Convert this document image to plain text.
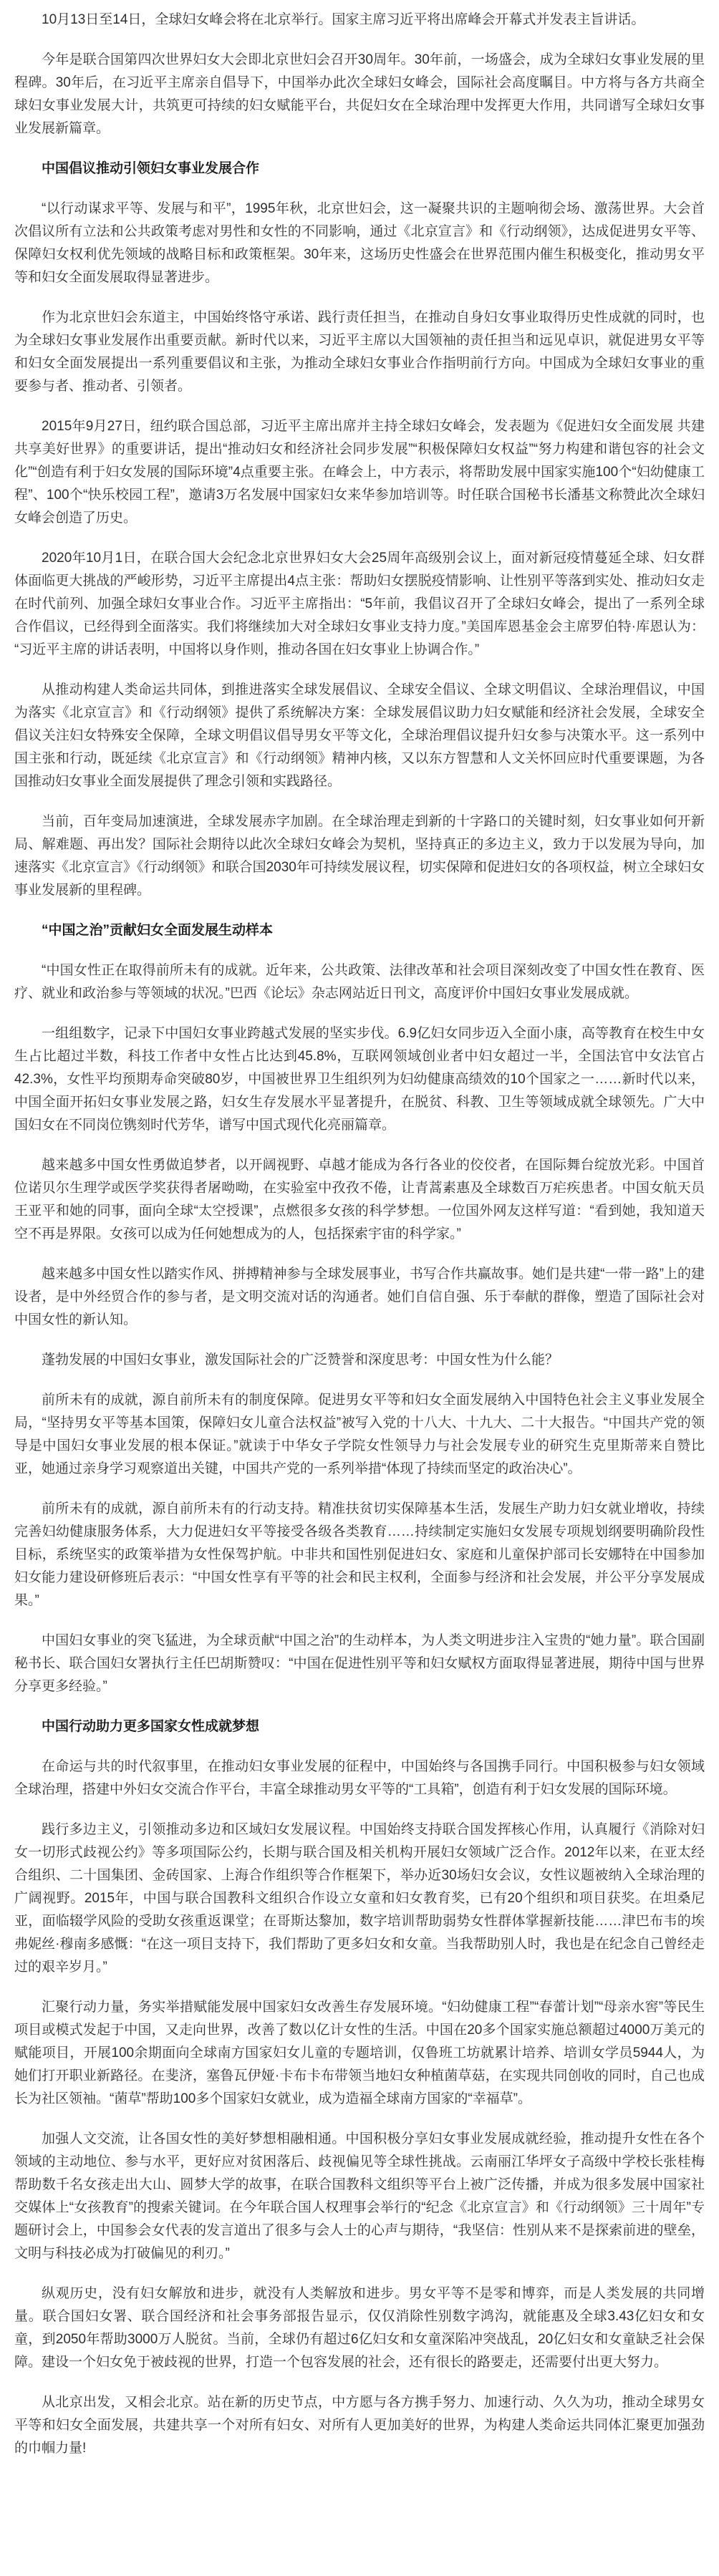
10月13日至14日，全球妇女峰会将在北京举行。国家主席习近平将出席峰会开幕式并发表主旨讲话。

今年是联合国第四次世界妇女大会即北京世妇会召开30周年。30年前，一场盛会，成为全球妇女事业发展的里程碑。30年后，在习近平主席亲自倡导下，中国举办此次全球妇女峰会，国际社会高度瞩目。中方将与各方共商全球妇女事业发展大计，共筑更可持续的妇女赋能平台，共促妇女在全球治理中发挥更大作用，共同谱写全球妇女事业发展新篇章。

中国倡议推动引领妇女事业发展合作

“以行动谋求平等、发展与和平”，1995年秋，北京世妇会，这一凝聚共识的主题响彻会场、激荡世界。大会首次倡议所有立法和公共政策考虑对男性和女性的不同影响，通过《北京宣言》和《行动纲领》，达成促进男女平等、保障妇女权利优先领域的战略目标和政策框架。30年来，这场历史性盛会在世界范围内催生积极变化，推动男女平等和妇女全面发展取得显著进步。

作为北京世妇会东道主，中国始终恪守承诺、践行责任担当，在推动自身妇女事业取得历史性成就的同时，也为全球妇女事业发展作出重要贡献。新时代以来，习近平主席以大国领袖的责任担当和远见卓识，就促进男女平等和妇女全面发展提出一系列重要倡议和主张，为推动全球妇女事业合作指明前行方向。中国成为全球妇女事业的重要参与者、推动者、引领者。

2015年9月27日，纽约联合国总部，习近平主席出席并主持全球妇女峰会，发表题为《促进妇女全面发展 共建共享美好世界》的重要讲话，提出“推动妇女和经济社会同步发展”“积极保障妇女权益”“努力构建和谐包容的社会文化”“创造有利于妇女发展的国际环境”4点重要主张。在峰会上，中方表示，将帮助发展中国家实施100个“妇幼健康工程”、100个“快乐校园工程”，邀请3万名发展中国家妇女来华参加培训等。时任联合国秘书长潘基文称赞此次全球妇女峰会创造了历史。

2020年10月1日，在联合国大会纪念北京世界妇女大会25周年高级别会议上，面对新冠疫情蔓延全球、妇女群体面临更大挑战的严峻形势，习近平主席提出4点主张：帮助妇女摆脱疫情影响、让性别平等落到实处、推动妇女走在时代前列、加强全球妇女事业合作。习近平主席指出：“5年前，我倡议召开了全球妇女峰会，提出了一系列全球合作倡议，已经得到全面落实。我们将继续加大对全球妇女事业支持力度。”美国库恩基金会主席罗伯特·库恩认为：“习近平主席的讲话表明，中国将以身作则，推动各国在妇女事业上协调合作。”

从推动构建人类命运共同体，到推进落实全球发展倡议、全球安全倡议、全球文明倡议、全球治理倡议，中国为落实《北京宣言》和《行动纲领》提供了系统解决方案：全球发展倡议助力妇女赋能和经济社会发展，全球安全倡议关注妇女特殊安全保障，全球文明倡议倡导男女平等文化，全球治理倡议提升妇女参与决策水平。这一系列中国主张和行动，既延续《北京宣言》和《行动纲领》精神内核，又以东方智慧和人文关怀回应时代重要课题，为各国推动妇女事业全面发展提供了理念引领和实践路径。

当前，百年变局加速演进，全球发展赤字加剧。在全球治理走到新的十字路口的关键时刻，妇女事业如何开新局、解难题、再出发？国际社会期待以此次全球妇女峰会为契机，坚持真正的多边主义，致力于以发展为导向，加速落实《北京宣言》《行动纲领》和联合国2030年可持续发展议程，切实保障和促进妇女的各项权益，树立全球妇女事业发展新的里程碑。

“中国之治”贡献妇女全面发展生动样本

“中国女性正在取得前所未有的成就。近年来，公共政策、法律改革和社会项目深刻改变了中国女性在教育、医疗、就业和政治参与等领域的状况。”巴西《论坛》杂志网站近日刊文，高度评价中国妇女事业发展成就。

一组组数字，记录下中国妇女事业跨越式发展的坚实步伐。6.9亿妇女同步迈入全面小康，高等教育在校生中女生占比超过半数，科技工作者中女性占比达到45.8%，互联网领域创业者中妇女超过一半，全国法官中女法官占42.3%，女性平均预期寿命突破80岁，中国被世界卫生组织列为妇幼健康高绩效的10个国家之一……新时代以来，中国全面开拓妇女事业发展之路，妇女生存发展水平显著提升，在脱贫、科教、卫生等领域成就全球领先。广大中国妇女在不同岗位镌刻时代芳华，谱写中国式现代化亮丽篇章。

越来越多中国女性勇做追梦者，以开阔视野、卓越才能成为各行各业的佼佼者，在国际舞台绽放光彩。中国首位诺贝尔生理学或医学奖获得者屠呦呦，在实验室中孜孜不倦，让青蒿素惠及全球数百万疟疾患者。中国女航天员王亚平和她的同事，面向全球“太空授课”，点燃很多女孩的科学梦想。一位国外网友这样写道：“看到她，我知道天空不再是界限。女孩可以成为任何她想成为的人，包括探索宇宙的科学家。”

越来越多中国女性以踏实作风、拼搏精神参与全球发展事业，书写合作共赢故事。她们是共建“一带一路”上的建设者，是中外经贸合作的参与者，是文明交流对话的沟通者。她们自信自强、乐于奉献的群像，塑造了国际社会对中国女性的新认知。

蓬勃发展的中国妇女事业，激发国际社会的广泛赞誉和深度思考：中国女性为什么能？

前所未有的成就，源自前所未有的制度保障。促进男女平等和妇女全面发展纳入中国特色社会主义事业发展全局，“坚持男女平等基本国策，保障妇女儿童合法权益”被写入党的十八大、十九大、二十大报告。“中国共产党的领导是中国妇女事业发展的根本保证。”就读于中华女子学院女性领导力与社会发展专业的研究生克里斯蒂来自赞比亚，她通过亲身学习观察道出关键，中国共产党的一系列举措“体现了持续而坚定的政治决心”。

前所未有的成就，源自前所未有的行动支持。精准扶贫切实保障基本生活，发展生产助力妇女就业增收，持续完善妇幼健康服务体系，大力促进妇女平等接受各级各类教育……持续制定实施妇女发展专项规划纲要明确阶段性目标，系统坚实的政策举措为女性保驾护航。中非共和国性别促进妇女、家庭和儿童保护部司长安娜特在中国参加妇女能力建设研修班后表示：“中国女性享有平等的社会和民主权利，全面参与经济和社会发展，并公平分享发展成果。”

中国妇女事业的突飞猛进，为全球贡献“中国之治”的生动样本，为人类文明进步注入宝贵的“她力量”。联合国副秘书长、联合国妇女署执行主任巴胡斯赞叹：“中国在促进性别平等和妇女赋权方面取得显著进展，期待中国与世界分享更多经验。”

中国行动助力更多国家女性成就梦想

在命运与共的时代叙事里，在推动妇女事业发展的征程中，中国始终与各国携手同行。中国积极参与妇女领域全球治理，搭建中外妇女交流合作平台，丰富全球推动男女平等的“工具箱”，创造有利于妇女发展的国际环境。

践行多边主义，引领推动多边和区域妇女发展议程。中国始终支持联合国发挥核心作用，认真履行《消除对妇女一切形式歧视公约》等多项国际公约，长期与联合国及相关机构开展妇女领域广泛合作。2012年以来，在亚太经合组织、二十国集团、金砖国家、上海合作组织等合作框架下，举办近30场妇女会议，女性议题被纳入全球治理的广阔视野。2015年，中国与联合国教科文组织合作设立女童和妇女教育奖，已有20个组织和项目获奖。在坦桑尼亚，面临辍学风险的受助女孩重返课堂；在哥斯达黎加，数字培训帮助弱势女性群体掌握新技能……津巴布韦的埃弗妮丝·穆南多感慨：“在这一项目支持下，我们帮助了更多妇女和女童。当我帮助别人时，我也是在纪念自己曾经走过的艰辛岁月。”

汇聚行动力量，务实举措赋能发展中国家妇女改善生存发展环境。“妇幼健康工程”“春蕾计划”“母亲水窖”等民生项目或模式发起于中国，又走向世界，改善了数以亿计女性的生活。中国在20多个国家实施总额超过4000万美元的赋能项目，开展100余期面向全球南方国家妇女儿童的专题培训，仅鲁班工坊就累计培养、培训女学员5944人，为她们打开职业新路径。在斐济，塞鲁瓦伊娅·卡布卡布带领当地妇女种植菌草菇，在实现共同创收的同时，自己也成长为社区领袖。“菌草”帮助100多个国家妇女就业，成为造福全球南方国家的“幸福草”。

加强人文交流，让各国女性的美好梦想相融相通。中国积极分享妇女事业发展成就经验，推动提升女性在各个领域的主动地位、参与水平，更好应对贫困落后、歧视偏见等全球性挑战。云南丽江华坪女子高级中学校长张桂梅帮助数千名女孩走出大山、圆梦大学的故事，在联合国教科文组织等平台上被广泛传播，并成为很多发展中国家社交媒体上“女孩教育”的搜索关键词。在今年联合国人权理事会举行的“纪念《北京宣言》和《行动纲领》三十周年”专题研讨会上，中国参会女代表的发言道出了很多与会人士的心声与期待，“我坚信：性别从来不是探索前进的壁垒，文明与科技必成为打破偏见的利刃。”

纵观历史，没有妇女解放和进步，就没有人类解放和进步。男女平等不是零和博弈，而是人类发展的共同增量。联合国妇女署、联合国经济和社会事务部报告显示，仅仅消除性别数字鸿沟，就能惠及全球3.43亿妇女和女童，到2050年帮助3000万人脱贫。当前，全球仍有超过6亿妇女和女童深陷冲突战乱，20亿妇女和女童缺乏社会保障。建设一个妇女免于被歧视的世界，打造一个包容发展的社会，还有很长的路要走，还需要付出更大努力。

从北京出发，又相会北京。站在新的历史节点，中方愿与各方携手努力、加速行动、久久为功，推动全球男女平等和妇女全面发展，共建共享一个对所有妇女、对所有人更加美好的世界，为构建人类命运共同体汇聚更加强劲的巾帼力量!
